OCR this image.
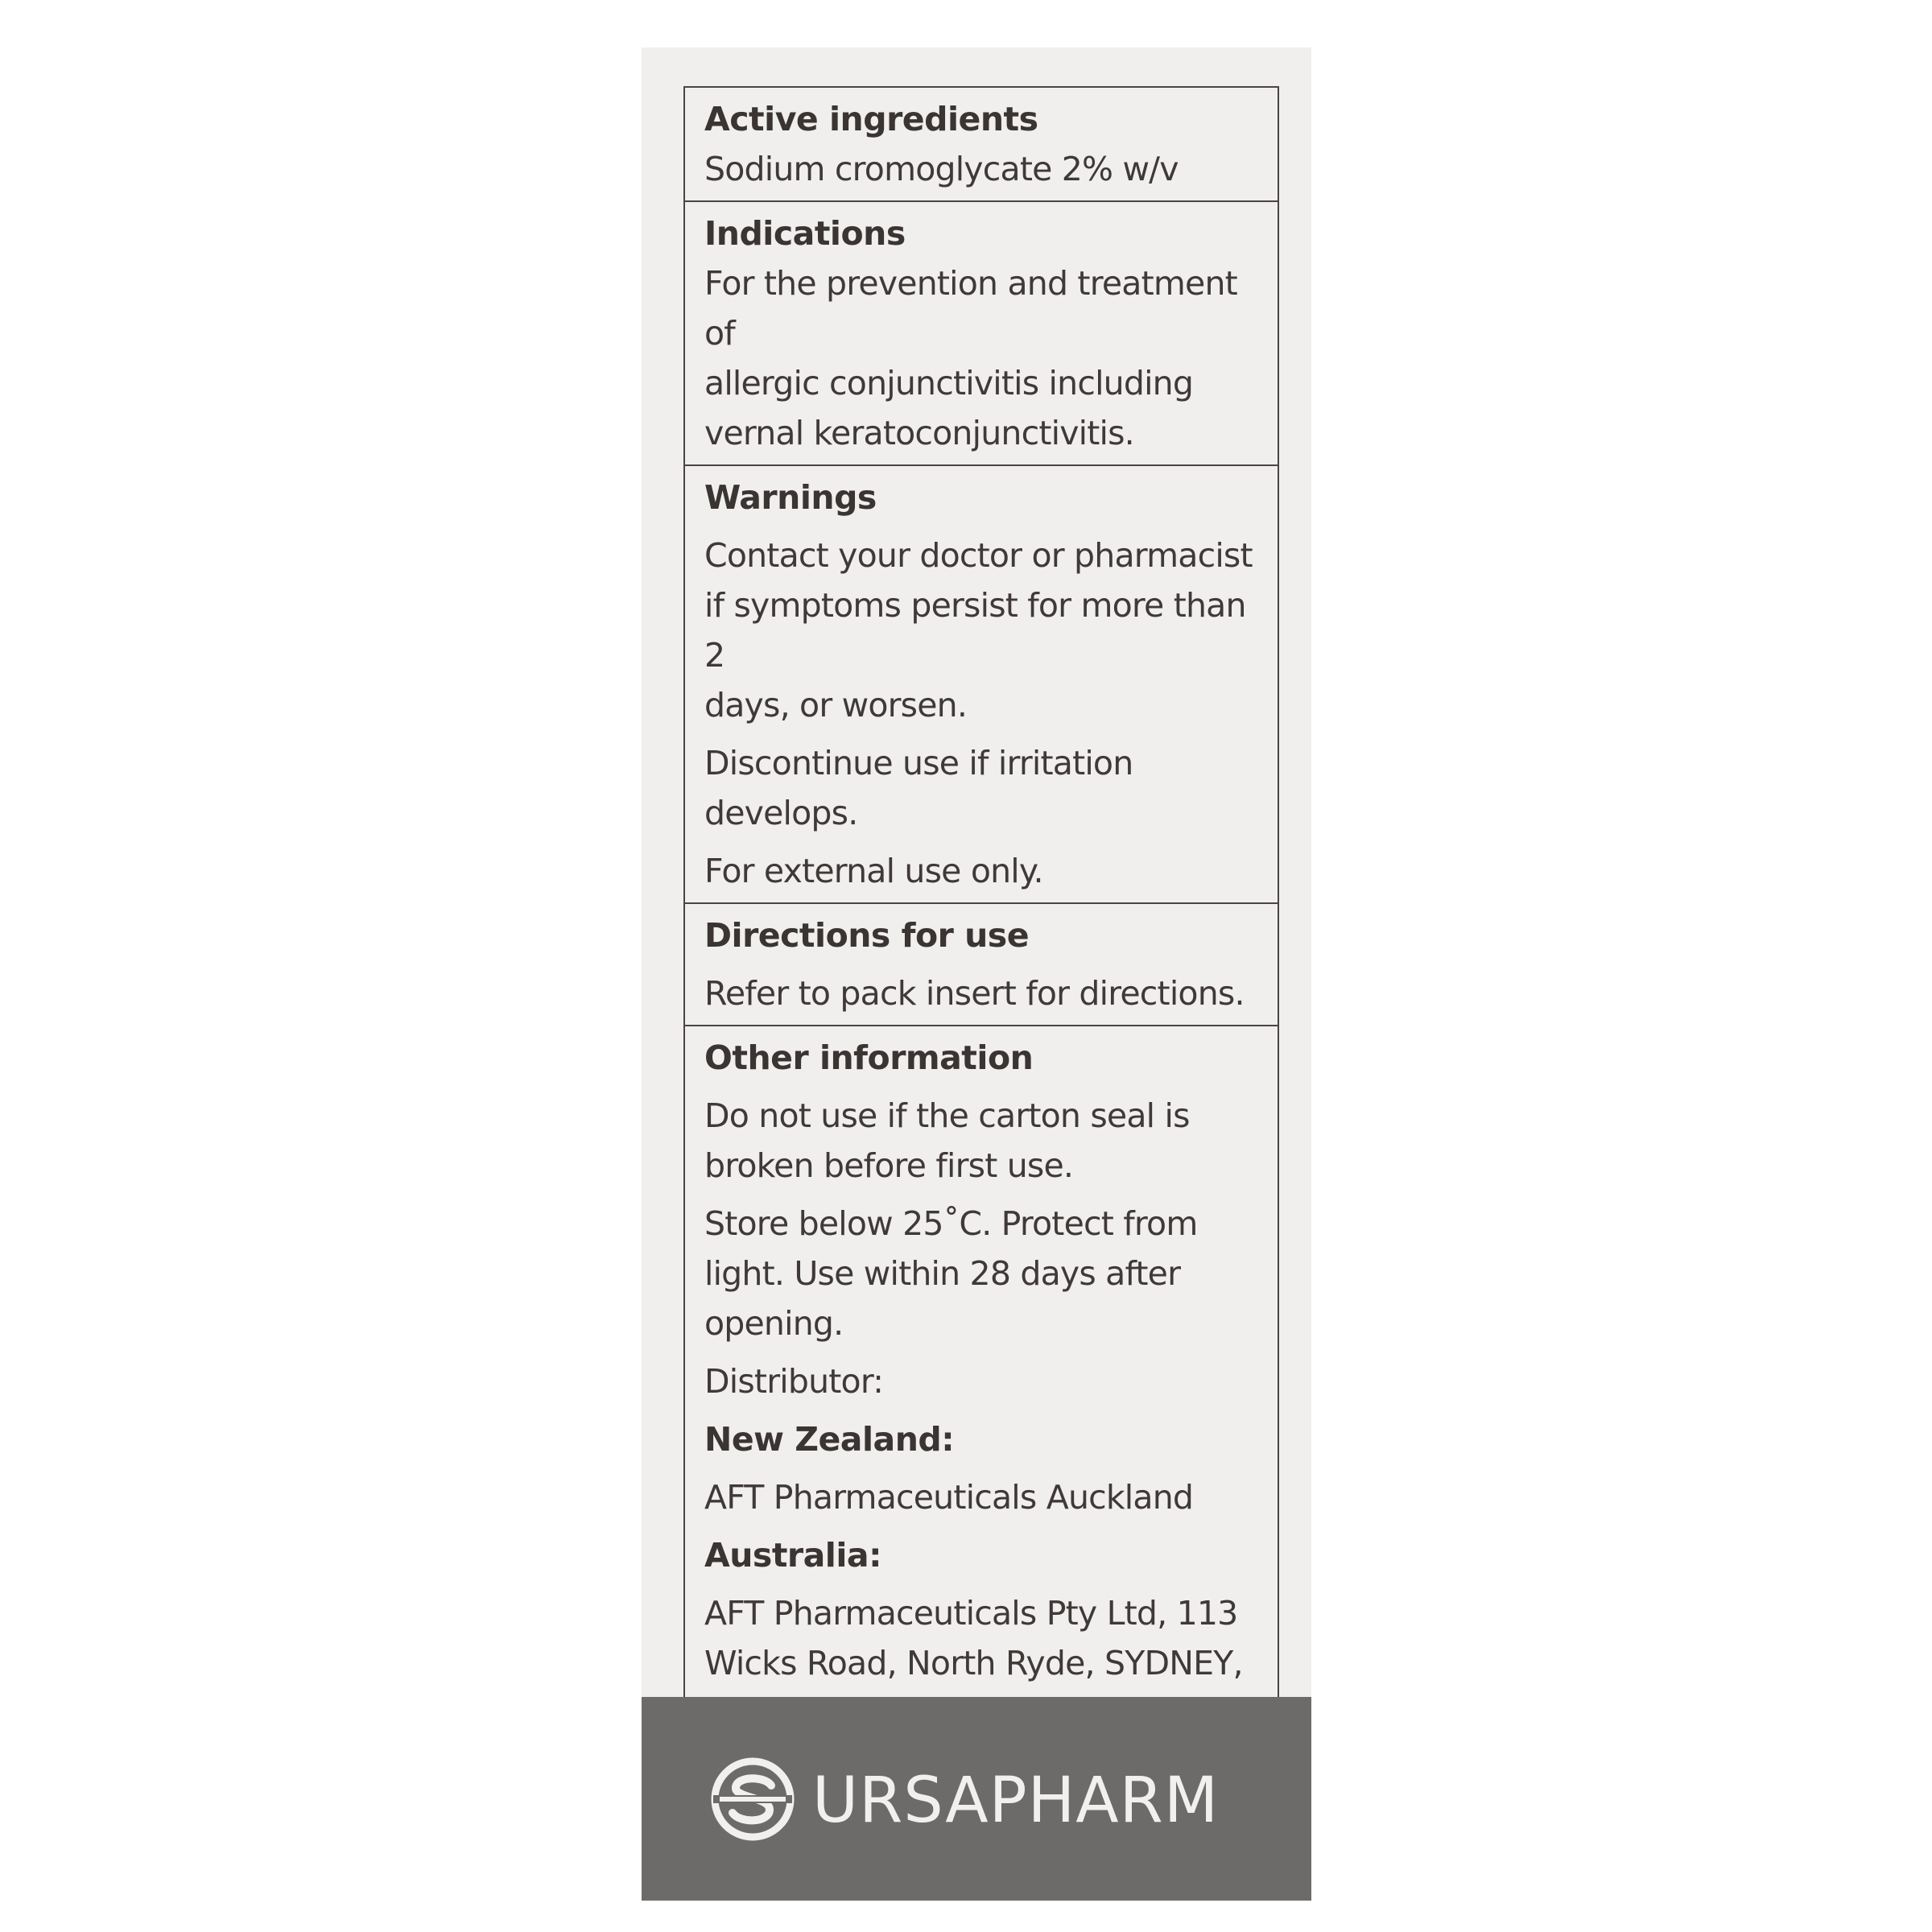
Active ingredients
Sodium cromoglycate 2% w/v
Indications
For the prevention and treatment of
allergic conjunctivitis including
vernal keratoconjunctivitis.
Warnings
Contact your doctor or pharmacist
if symptoms persist for more than 2
days, or worsen.
Discontinue use if irritation
develops.
For external use only.
Directions for use
Refer to pack insert for directions.
Other information
Do not use if the carton seal is
broken before first use.
Store below 25˚C. Protect from
light. Use within 28 days after
opening.
Distributor:
New Zealand:
AFT Pharmaceuticals Auckland
Australia:
AFT Pharmaceuticals Pty Ltd, 113
Wicks Road, North Ryde, SYDNEY,
URSAPHARM
